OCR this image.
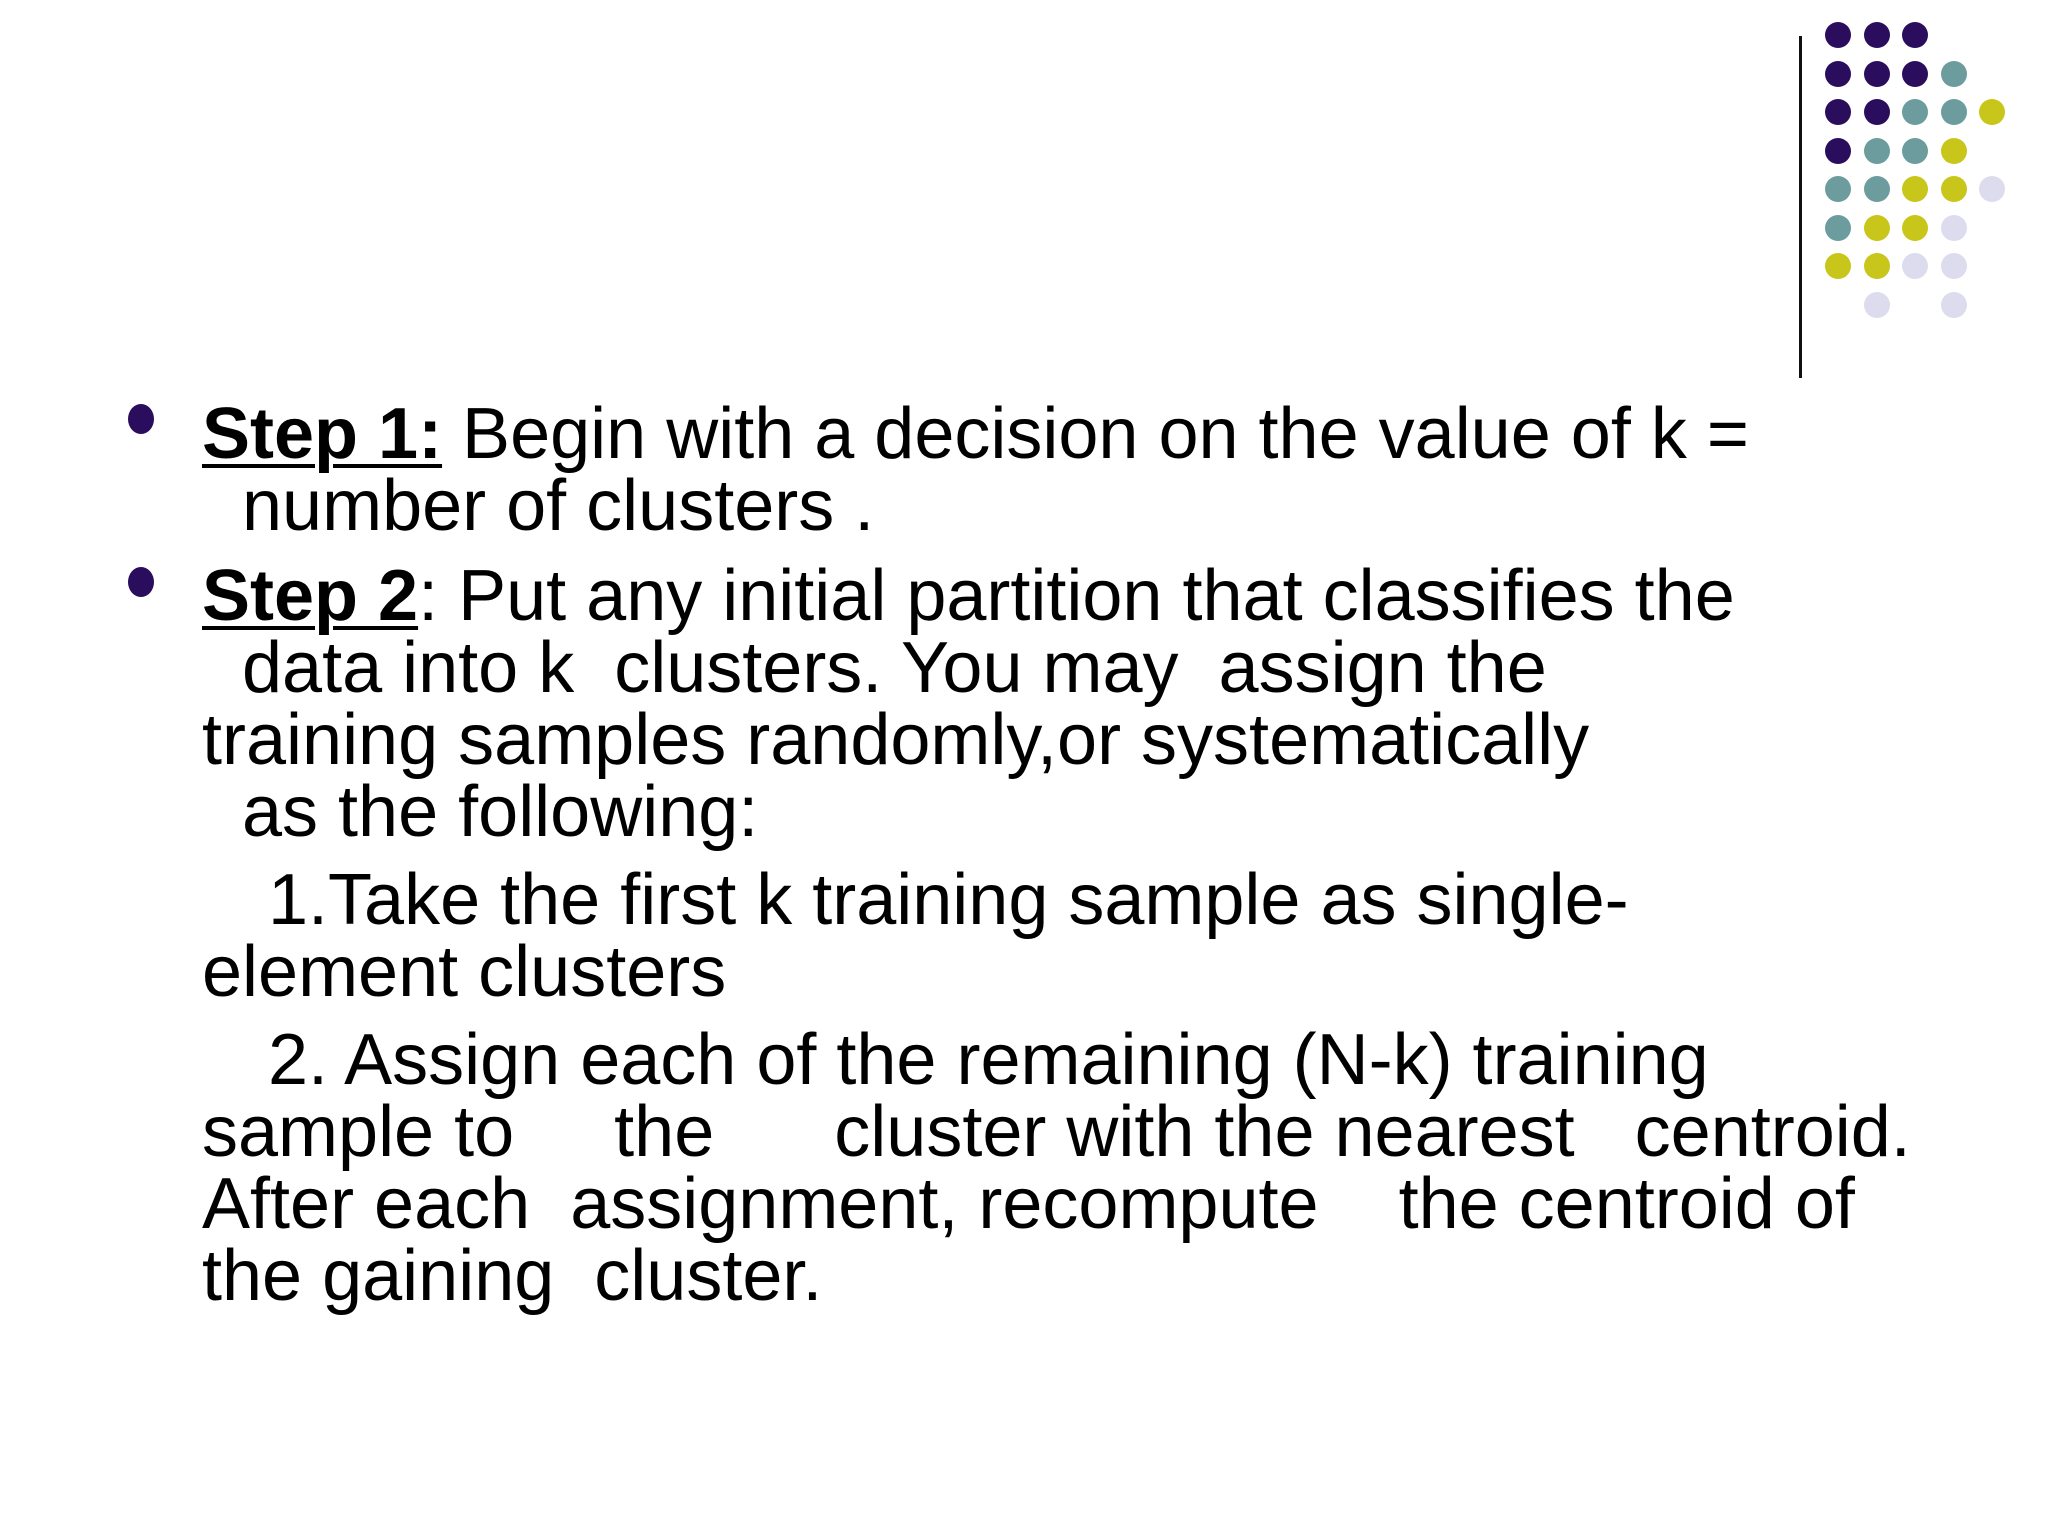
Step 1: Begin with a decision on the value of k =
number of clusters .
Step 2: Put any initial partition that classifies the
data into k  clusters. You may  assign the
training samples randomly,or systematically
as the following:
1.Take the first k training sample as single-
element clusters
2. Assign each of the remaining (N-k) training
sample to     the      cluster with the nearest   centroid.
After each  assignment, recompute    the centroid of
the gaining  cluster.
